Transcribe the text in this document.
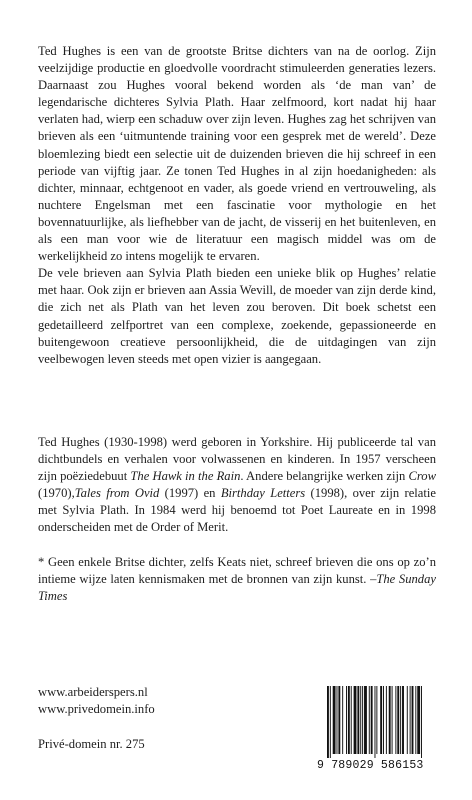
Ted Hughes is een van de grootste Britse dichters van na de oorlog. Zijn veelzijdige productie en gloedvolle voordracht stimuleerden generaties lezers. Daarnaast zou Hughes vooral bekend worden als ‘de man van’ de legendarische dichteres Sylvia Plath. Haar zelfmoord, kort nadat hij haar verlaten had, wierp een schaduw over zijn leven. Hughes zag het schrijven van brieven als een ‘uitmuntende training voor een gesprek met de wereld’. Deze bloemlezing biedt een selectie uit de duizenden brieven die hij schreef in een periode van vijftig jaar. Ze tonen Ted Hughes in al zijn hoedanigheden: als dichter, minnaar, echtgenoot en vader, als goede vriend en vertrouweling, als nuchtere Engelsman met een fascinatie voor mythologie en het bovennatuurlijke, als liefhebber van de jacht, de visserij en het buitenleven, en als een man voor wie de literatuur een magisch middel was om de werkelijkheid zo intens mogelijk te ervaren.

De vele brieven aan Sylvia Plath bieden een unieke blik op Hughes’ relatie met haar. Ook zijn er brieven aan Assia Wevill, de moeder van zijn derde kind, die zich net als Plath van het leven zou beroven. Dit boek schetst een gedetailleerd zelfportret van een complexe, zoekende, gepassioneerde en buitengewoon creatieve persoonlijkheid, die de uitdagingen van zijn veelbewogen leven steeds met open vizier is aangegaan.

Ted Hughes (1930-1998) werd geboren in Yorkshire. Hij publiceerde tal van dichtbundels en verhalen voor volwassenen en kinderen. In 1957 verscheen zijn poëziedebuut The Hawk in the Rain. Andere belangrijke werken zijn Crow (1970),Tales from Ovid (1997) en Birthday Letters (1998), over zijn relatie met Sylvia Plath. In 1984 werd hij benoemd tot Poet Laureate en in 1998 onderscheiden met de Order of Merit.

* Geen enkele Britse dichter, zelfs Keats niet, schreef brieven die ons op zo’n intieme wijze laten kennismaken met de bronnen van zijn kunst. –The Sunday Times

www.arbeiderspers.nl
www.privedomein.info
Privé-domein nr. 275
9 789029 586153
